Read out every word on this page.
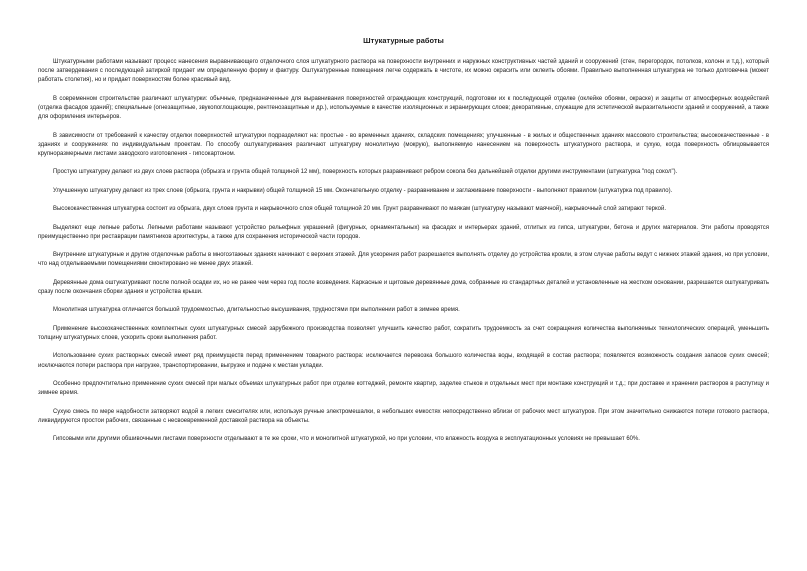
Штукатурные работы

Штукатурными работами называют процесс нанесения выравнивающего отделочного слоя штукатурного раствора на поверхности внутренних и наружных конструктивных частей зданий и сооружений (стен, перегородок, потолков, колонн и т.д.), который после затвердевания с последующей затиркой придает им определенную форму и фактуру. Оштукатуренные помещения легче содержать в чистоте, их можно окрасить или оклеить обоями. Правильно выполненная штукатурка не только долговечна (может работать столетия), но и придает поверхностям более красивый вид.

В современном строительстве различают штукатурки: обычные, предназначенные для выравнивания поверхностей ограждающих конструкций, подготовки их к последующей отделке (оклейке обоями, окраске) и защиты от атмосферных воздействий (отделка фасадов зданий); специальные (огнезащитные, звукопоглощающие, рентгенозащитные и др.), используемые в качестве изоляционных и экранирующих слоев; декоративные, служащие для эстетической выразительности зданий и сооружений, а также для оформления интерьеров.

В зависимости от требований к качеству отделки поверхностей штукатурки подразделяют на: простые - во временных зданиях, складских помещениях; улучшенные - в жилых и общественных зданиях массового строительства; высококачественные - в зданиях и сооружениях по индивидуальным проектам. По способу оштукатуривания различают штукатурку монолитную (мокрую), выполняемую нанесением на поверхность штукатурного раствора, и сухую, когда поверхность облицовывается крупноразмерными листами заводского изготовления - гипсокартоном.

Простую штукатурку делают из двух слоев раствора (обрызга и грунта общей толщиной 12 мм), поверхность которых разравнивают ребром сокола без дальнейшей отделки другими инструментами (штукатурка "под сокол").

Улучшенную штукатурку делают из трех слоев (обрызга, грунта и накрывки) общей толщиной 15 мм. Окончательную отделку - разравнивание и заглаживание поверхности - выполняют правилом (штукатурка под правило).

Высококачественная штукатурка состоит из обрызга, двух слоев грунта и накрывочного слоя общей толщиной 20 мм. Грунт разравнивают по маякам (штукатурку называют маячной), накрывочный слой затирают теркой.

Выделяют еще лепные работы. Лепными работами называют устройство рельефных украшений (фигурных, орнаментальных) на фасадах и интерьерах зданий, отлитых из гипса, штукатурки, бетона и других материалов. Эти работы проводятся преимущественно при реставрации памятников архитектуры, а также для сохранения исторической части городов.

Внутренние штукатурные и другие отделочные работы в многоэтажных зданиях начинают с верхних этажей. Для ускорения работ разрешается выполнять отделку до устройства кровли, в этом случае работы ведут с нижних этажей здания, но при условии, что над отделываемыми помещениями смонтировано не менее двух этажей.

Деревянные дома оштукатуривают после полной осадки их, но не ранее чем через год после возведения. Каркасные и щитовые деревянные дома, собранные из стандартных деталей и установленные на жестком основании, разрешается оштукатуривать сразу после окончания сборки здания и устройства крыши.

Монолитная штукатурка отличается большой трудоемкостью, длительностью высушивания, трудностями при выполнении работ в зимнее время.

Применение высококачественных комплектных сухих штукатурных смесей зарубежного производства позволяет улучшить качество работ, сократить трудоемкость за счет сокращения количества выполняемых технологических операций, уменьшить толщину штукатурных слоев, ускорить сроки выполнения работ.

Использование сухих растворных смесей имеет ряд преимуществ перед применением товарного раствора: исключается перевозка большого количества воды, входящей в состав раствора; появляется возможность создания запасов сухих смесей; исключаются потери раствора при нагрузке, транспортировании, выгрузке и подаче к местам укладки.

Особенно предпочтительно применение сухих смесей при малых объемах штукатурных работ при отделке коттеджей, ремонте квартир, заделке стыков и отдельных мест при монтаже конструкций и т.д.; при доставке и хранении растворов в распутицу и зимнее время.

Сухую смесь по мере надобности затворяют водой в легких смесителях или, используя ручные электромешалки, в небольших емкостях непосредственно вблизи от рабочих мест штукатуров. При этом значительно снижаются потери готового раствора, ликвидируются простои рабочих, связанные с несвоевременной доставкой раствора на объекты.

Гипсовыми или другими обшивочными листами поверхности отделывают в те же сроки, что и монолитной штукатуркой, но при условии, что влажность воздуха в эксплуатационных условиях не превышает 60%.
